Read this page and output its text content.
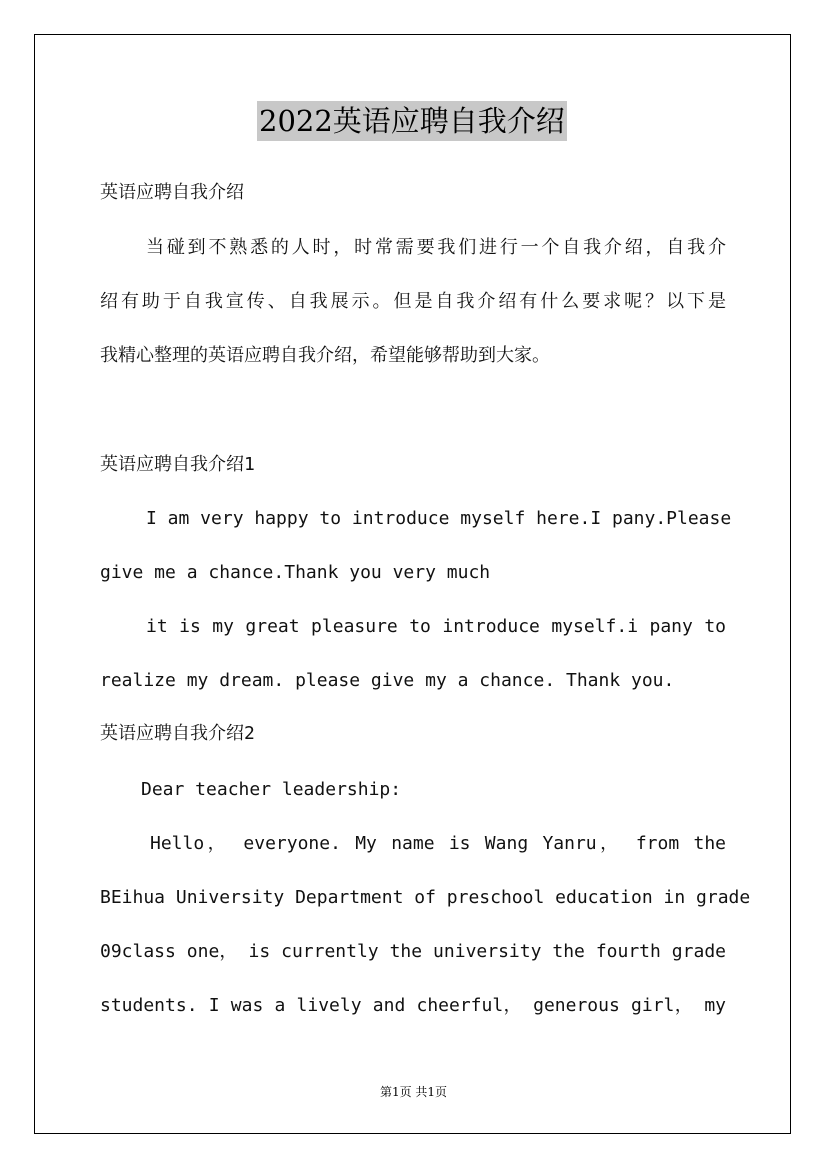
2022英语应聘自我介绍
英语应聘自我介绍
当碰到不熟悉的人时，时常需要我们进行一个自我介绍，自我介
绍有助于自我宣传、自我展示。但是自我介绍有什么要求呢？以下是
我精心整理的英语应聘自我介绍，希望能够帮助到大家。
英语应聘自我介绍1
I am very happy to introduce myself here.I pany.Please
give me a chance.Thank you very much
it is my great pleasure to introduce myself.i pany to
realize my dream. please give my a chance. Thank you.
英语应聘自我介绍2
Dear teacher leadership:
Hello， everyone. My name is Wang Yanru， from the
BEihua University Department of preschool education in grade
09class one， is currently the university the fourth grade
students. I was a lively and cheerful， generous girl， my
第1页 共1页
